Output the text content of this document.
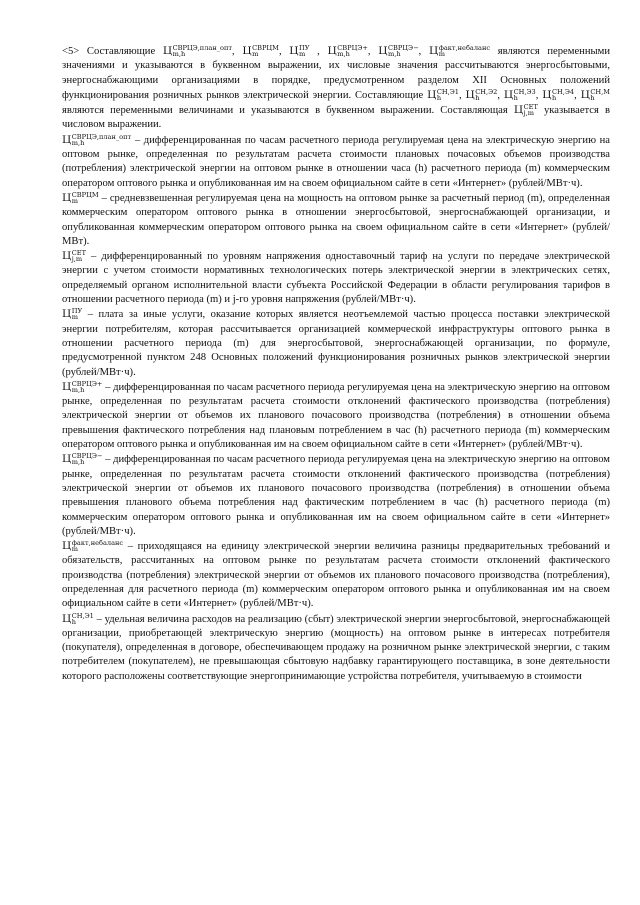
<5> Составляющие Ц СВРЦЭ,план_опт
m,h	, Ц СВРЦМ
m	, Ц ПУ
m , Ц СВРЦЭ+
m,h	, Ц СВРЦЭ−
m,h	, Ц факт,небаланс
m	являются переменными значениями и указываются в буквенном выражении, их числовые значения рассчитываются энергосбытовыми, энергоснабжающими организациями в порядке, предусмотренном разделом XII Основных положений функционирования розничных рынков электрической энергии. Составляющие Ц СН,Э1
h	, Ц СН,Э2
h	, Ц СН,Э3
h	, Ц СН,Э4
h	, Ц СН,М
h
являются переменными величинами и указываются в буквенном выражении. Составляющая Ц СЕТ
j,m указывается в числовом выражении.

Ц СВРЦЭ,план_опт
m,h	– дифференцированная по часам расчетного периода регулируемая цена на электрическую энергию на оптовом рынке, определенная по результатам расчета стоимости плановых почасовых объемов производства (потребления) электрической энергии на оптовом рынке в отношении часа (h) расчетного периода (m) коммерческим оператором оптового рынка и опубликованная им на своем официальном сайте в сети «Интернет» (рублей/МВт·ч).

Ц СВРЦМ
m	– средневзвешенная регулируемая цена на мощность на оптовом рынке за расчетный период (m), определенная коммерческим оператором оптового рынка в отношении энергосбытовой, энергоснабжающей организации, и опубликованная коммерческим оператором оптового рынка на своем официальном сайте в сети «Интернет» (рублей/МВт).

Ц СЕТ
j,m – дифференцированный по уровням напряжения одноставочный тариф на услуги по передаче электрической энергии с учетом стоимости нормативных технологических потерь электрической энергии в электрических сетях, определяемый органом исполнительной власти субъекта Российской Федерации в области регулирования тарифов в отношении расчетного периода (m) и j-го уровня напряжения (рублей/МВт·ч).

Ц ПУ
m – плата за иные услуги, оказание которых является неотъемлемой частью процесса поставки электрической энергии потребителям, которая рассчитывается организацией коммерческой инфраструктуры оптового рынка в отношении расчетного периода (m) для энергосбытовой, энергоснабжающей организации, по формуле, предусмотренной пунктом 248 Основных положений функционирования розничных рынков электрической энергии (рублей/МВт·ч).

Ц СВРЦЭ+
m,h	– дифференцированная по часам расчетного периода регулируемая цена на электрическую энергию на оптовом рынке, определенная по результатам расчета стоимости отклонений фактического производства (потребления) электрической энергии от объемов их планового почасового производства (потребления) в отношении объема превышения фактического потребления над плановым потреблением в час (h) расчетного периода (m) коммерческим оператором оптового рынка и опубликованная им на своем официальном сайте в сети «Интернет» (рублей/МВт·ч).

Ц СВРЦЭ−
m,h	– дифференцированная по часам расчетного периода регулируемая цена на электрическую энергию на оптовом рынке, определенная по результатам расчета стоимости отклонений фактического производства (потребления) электрической энергии от объемов их планового почасового производства (потребления) в отношении объема превышения планового объема потребления над фактическим потреблением в час (h) расчетного периода (m) коммерческим оператором оптового рынка и опубликованная им на своем официальном сайте в сети «Интернет» (рублей/МВт·ч).

Ц факт,небаланс
m	– приходящаяся на единицу электрической энергии величина разницы предварительных требований и обязательств, рассчитанных на оптовом рынке по результатам расчета стоимости отклонений фактического производства (потребления) электрической энергии от объемов их планового почасового производства (потребления), определенная для расчетного периода (m) коммерческим оператором оптового рынка и опубликованная им на своем официальном сайте в сети «Интернет» (рублей/МВт·ч).

Ц СН,Э1
h	– удельная величина расходов на реализацию (сбыт) электрической энергии энергосбытовой, энергоснабжающей организации, приобретающей электрическую энергию (мощность) на оптовом рынке в интересах потребителя (покупателя), определенная в договоре, обеспечивающем продажу на розничном рынке электрической энергии, с таким потребителем (покупателем), не превышающая сбытовую надбавку гарантирующего поставщика, в зоне деятельности которого расположены соответствующие энергопринимающие устройства потребителя, учитываемую в стоимости
